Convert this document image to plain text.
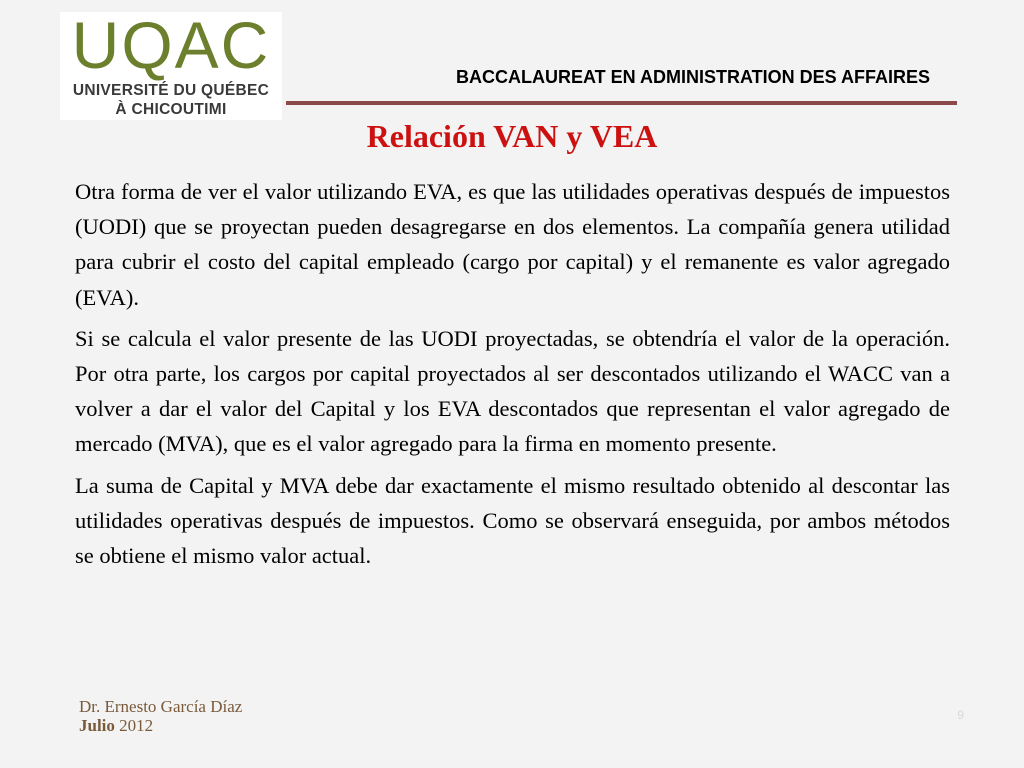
UQAC
UNIVERSITÉ DU QUÉBEC
À CHICOUTIMI
BACCALAUREAT EN ADMINISTRATION DES AFFAIRES
Relación VAN y VEA

Otra forma de ver el valor utilizando EVA, es que las utilidades operativas después de impuestos (UODI) que se proyectan pueden desagregarse en dos elementos. La compañía genera utilidad para cubrir el costo del capital empleado (cargo por capital) y el remanente es valor agregado (EVA).

Si se calcula el valor presente de las UODI proyectadas, se obtendría el valor de la operación. Por otra parte, los cargos por capital proyectados al ser descontados utilizando el WACC van a volver a dar el valor del Capital y los EVA descontados que representan el valor agregado de mercado (MVA), que es el valor agregado para la firma en momento presente.

La suma de Capital y MVA debe dar exactamente el mismo resultado obtenido al descontar las utilidades operativas después de impuestos. Como se observará enseguida, por ambos métodos se obtiene el mismo valor actual.

Dr. Ernesto García Díaz
Julio 2012
9
